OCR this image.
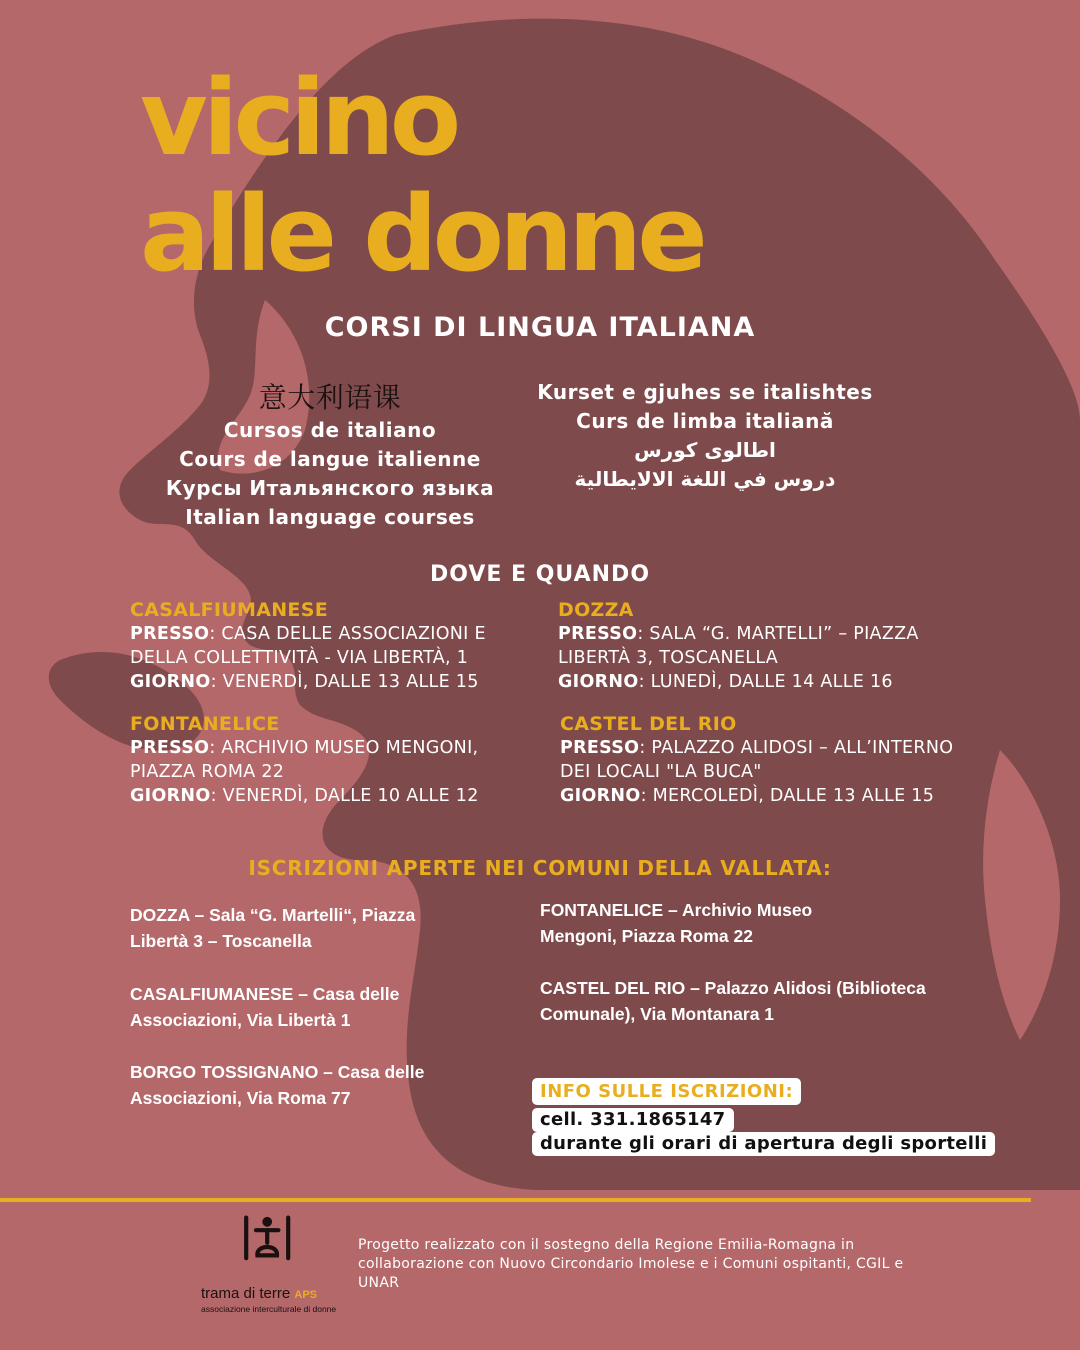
vicino
alle donne
CORSI DI LINGUA ITALIANA
意大利语课
Cursos de italiano
Cours de langue italienne
Курсы Итальянского языка
Italian language courses
Kurset e gjuhes se italishtes
Curs de limba italiană
اطالوی کورس
دروس في اللغة الالايطالية
DOVE E QUANDO
CASALFIUMANESE
PRESSO: CASA DELLE ASSOCIAZIONI E DELLA COLLETTIVITÀ - VIA LIBERTÀ, 1
GIORNO: VENERDÌ, DALLE 13 ALLE 15
DOZZA
PRESSO: SALA “G. MARTELLI” – PIAZZA LIBERTÀ 3, TOSCANELLA
GIORNO: LUNEDÌ, DALLE 14 ALLE 16
FONTANELICE
PRESSO: ARCHIVIO MUSEO MENGONI, PIAZZA ROMA 22
GIORNO: VENERDÌ, DALLE 10 ALLE 12
CASTEL DEL RIO
PRESSO: PALAZZO ALIDOSI – ALL’INTERNO DEI LOCALI "LA BUCA"
GIORNO: MERCOLEDÌ, DALLE 13 ALLE 15
ISCRIZIONI APERTE NEI COMUNI DELLA VALLATA:
DOZZA – Sala “G. Martelli“, Piazza Libertà 3 – Toscanella
CASALFIUMANESE – Casa delle Associazioni, Via Libertà 1
BORGO TOSSIGNANO – Casa delle Associazioni, Via Roma 77
FONTANELICE – Archivio Museo Mengoni, Piazza Roma 22
CASTEL DEL RIO – Palazzo Alidosi (Biblioteca Comunale), Via Montanara 1
INFO SULLE ISCRIZIONI:
cell. 331.1865147
durante gli orari di apertura degli sportelli
trama di terre APS
associazione interculturale di donne
Progetto realizzato con il sostegno della Regione Emilia-Romagna in collaborazione con Nuovo Circondario Imolese e i Comuni ospitanti, CGIL e UNAR
